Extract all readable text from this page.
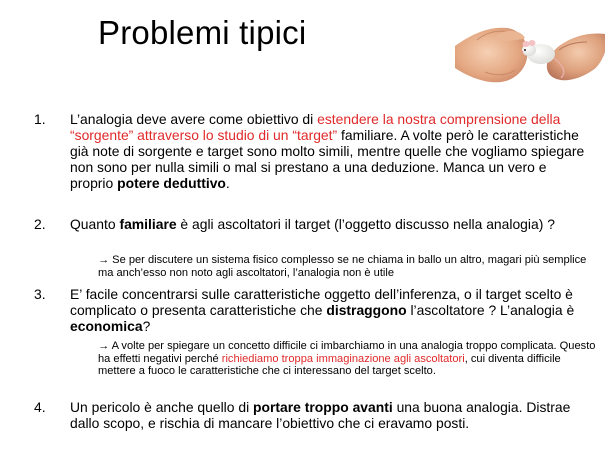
Problemi tipici
1.	L’analogia deve avere come obiettivo di estendere la nostra comprensione della “sorgente” attraverso lo studio di un “target” familiare. A volte però le caratteristiche già note di sorgente e target sono molto simili, mentre quelle che vogliamo spiegare non sono per nulla simili o mal si prestano a una deduzione. Manca un vero e proprio potere deduttivo.
2.	Quanto familiare è agli ascoltatori il target (l’oggetto discusso nella analogia) ?
→ Se per discutere un sistema fisico complesso se ne chiama in ballo un altro, magari più semplice ma anch’esso non noto agli ascoltatori, l’analogia non è utile
3.	E’ facile concentrarsi sulle caratteristiche oggetto dell’inferenza, o il target scelto è complicato o presenta caratteristiche che distraggono l’ascoltatore ? L’analogia è economica?
→ A volte per spiegare un concetto difficile ci imbarchiamo in una analogia troppo complicata. Questo ha effetti negativi perché richiediamo troppa immaginazione agli ascoltatori, cui diventa difficile mettere a fuoco le caratteristiche che ci interessano del target scelto.
4.	Un pericolo è anche quello di portare troppo avanti una buona analogia. Distrae dallo scopo, e rischia di mancare l’obiettivo che ci eravamo posti.
